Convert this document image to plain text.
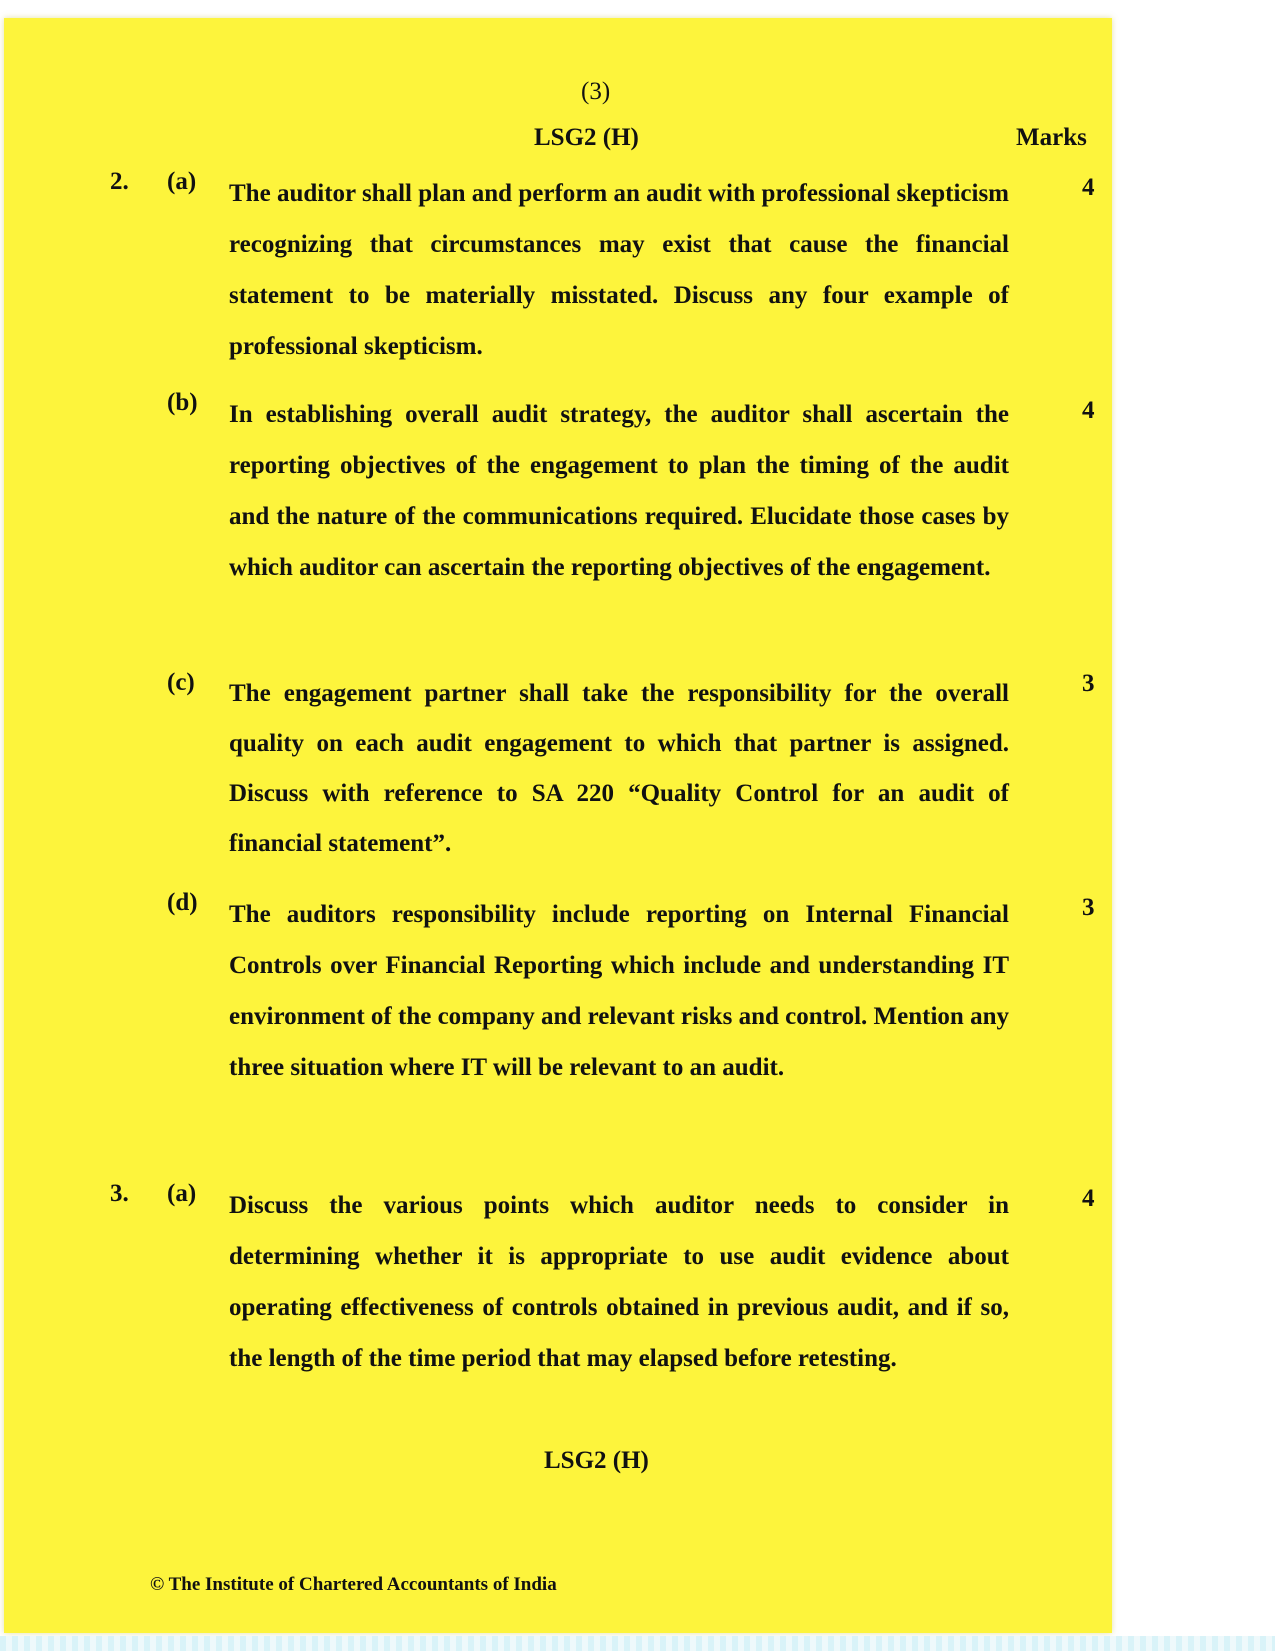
(3)
LSG2 (H)	Marks
2. (a) The auditor shall plan and perform an audit with professional skepticism recognizing that circumstances may exist that cause the financial statement to be materially misstated. Discuss any four example of professional skepticism.
4
(b) In establishing overall audit strategy, the auditor shall ascertain the reporting objectives of the engagement to plan the timing of the audit and the nature of the communications required. Elucidate those cases by which auditor can ascertain the reporting objectives of the engagement.
4
(c) The engagement partner shall take the responsibility for the overall quality on each audit engagement to which that partner is assigned. Discuss with reference to SA 220 “Quality Control for an audit of financial statement”.
3
(d) The auditors responsibility include reporting on Internal Financial Controls over Financial Reporting which include and understanding IT environment of the company and relevant risks and control. Mention any three situation where IT will be relevant to an audit.
3
3. (a) Discuss the various points which auditor needs to consider in determining whether it is appropriate to use audit evidence about operating effectiveness of controls obtained in previous audit, and if so, the length of the time period that may elapsed before retesting.
4
LSG2 (H)
© The Institute of Chartered Accountants of India
